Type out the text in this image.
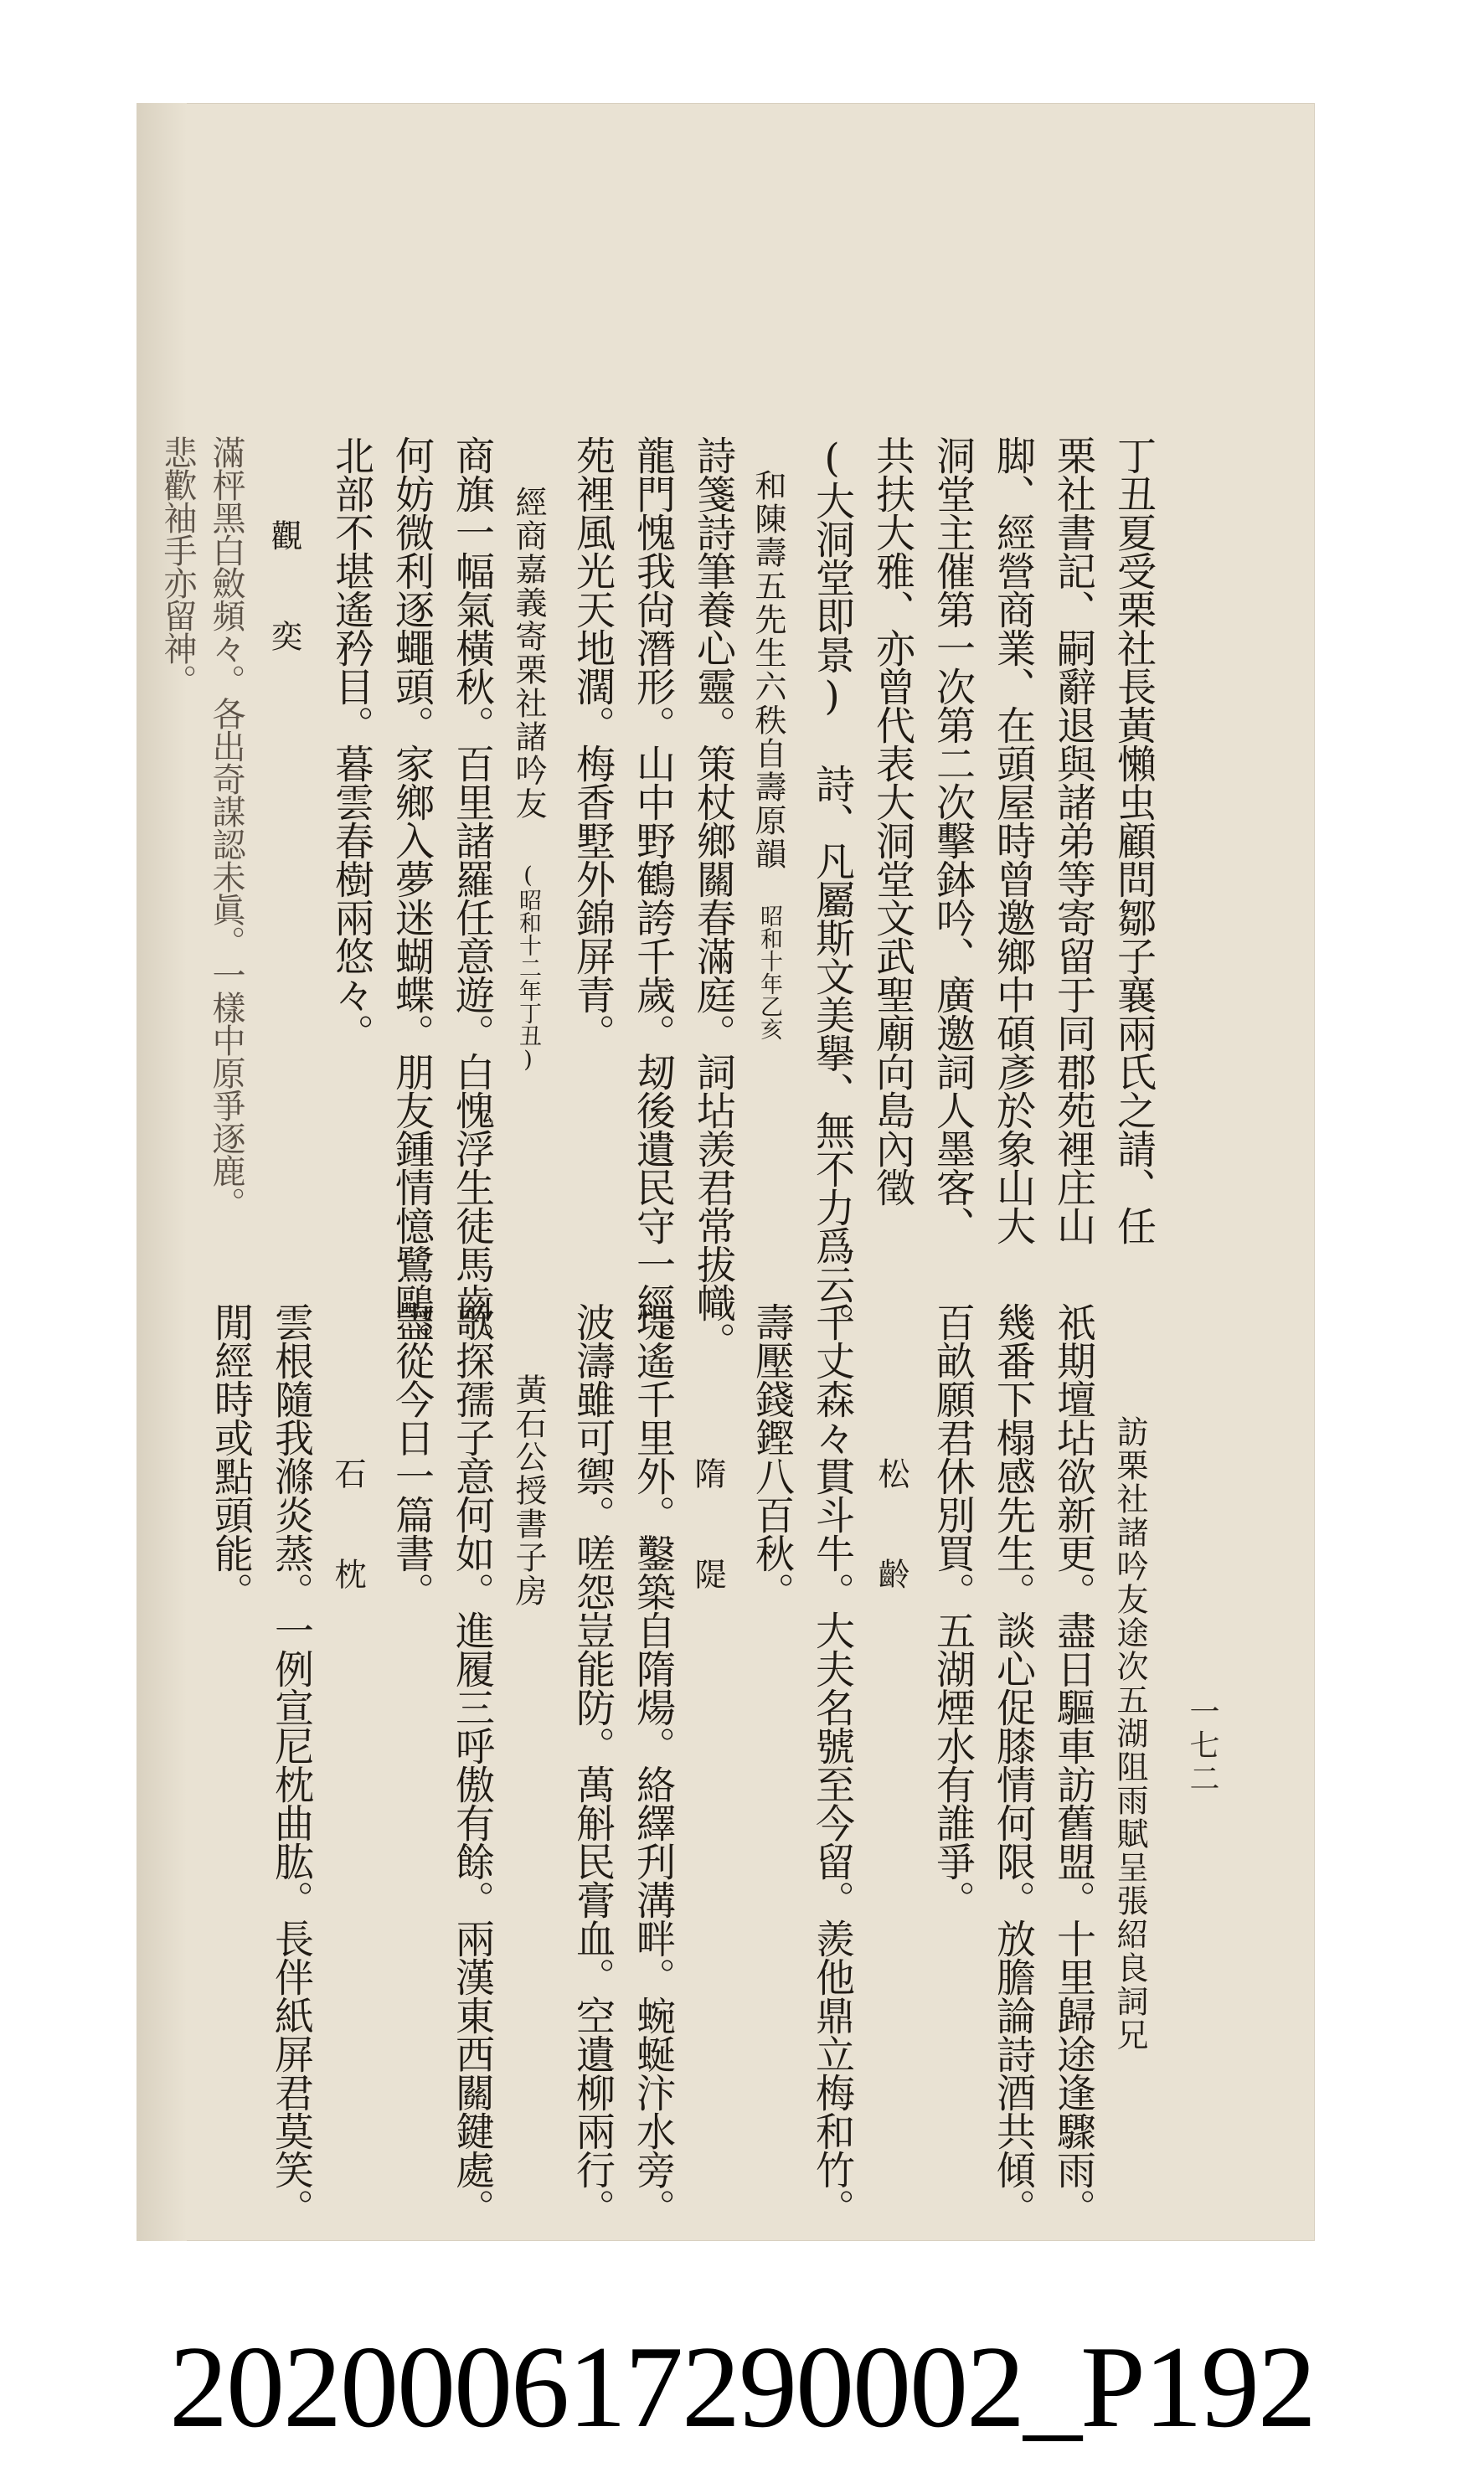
一七二
丁丑夏受栗社長黃懶虫顧問鄒子襄兩氏之請、任
栗社書記、嗣辭退與諸弟等寄留于同郡苑裡庄山
脚、經營商業、在頭屋時曾邀鄉中碩彥於象山大
洞堂主催第一次第二次擊鉢吟、廣邀詞人墨客、
共扶大雅、亦曾代表大洞堂文武聖廟向島內徵
(大洞堂即景) 詩、凡屬斯文美擧、無不力爲云。
和陳壽五先生六秩自壽原韻
昭和十年乙亥
詩箋詩筆養心靈。策杖鄉關春滿庭。詞坫羡君常拔幟。
龍門愧我尙潛形。山中野鶴誇千歲。刼後遺民守一經。
苑裡風光天地濶。梅香墅外錦屏青。
經商嘉義寄栗社諸吟友
(昭和十二年丁丑)
商旗一幅氣橫秋。百里諸羅任意遊。白愧浮生徒馬齒。
何妨微利逐蠅頭。家鄉入夢迷蝴蝶。朋友鍾情憶鷺鷗。
北部不堪遙矜目。暮雲春樹兩悠々。
觀　　奕
滿枰黑白斂頻々。各出奇謀認未眞。一樣中原爭逐鹿。
悲歡袖手亦留神。
訪栗社諸吟友途次五湖阻雨賦呈張紹良詞兄
祇期壇坫欲新更。盡日驅車訪舊盟。十里歸途逢驟雨。
幾番下榻感先生。談心促膝情何限。放膽論詩酒共傾。
百畝願君休別買。五湖煙水有誰爭。
松　　齡
千丈森々貫斗牛。大夫名號至今留。羨他鼎立梅和竹。
壽壓錢鏗八百秋。
隋　　隄
堤遙千里外。鑿築自隋煬。絡繹刋溝畔。蜿蜒汴水旁。
波濤雖可禦。嗟怨豈能防。萬斛民膏血。空遺柳兩行。
黃石公授書子房
歌探孺子意何如。進履三呼傲有餘。兩漢東西關鍵處。
盡從今日一篇書。
石　　枕
雲根隨我滌炎蒸。一例宣尼枕曲肱。長伴紙屏君莫笑。
閒經時或點頭能。
20200061729000​2_P192
